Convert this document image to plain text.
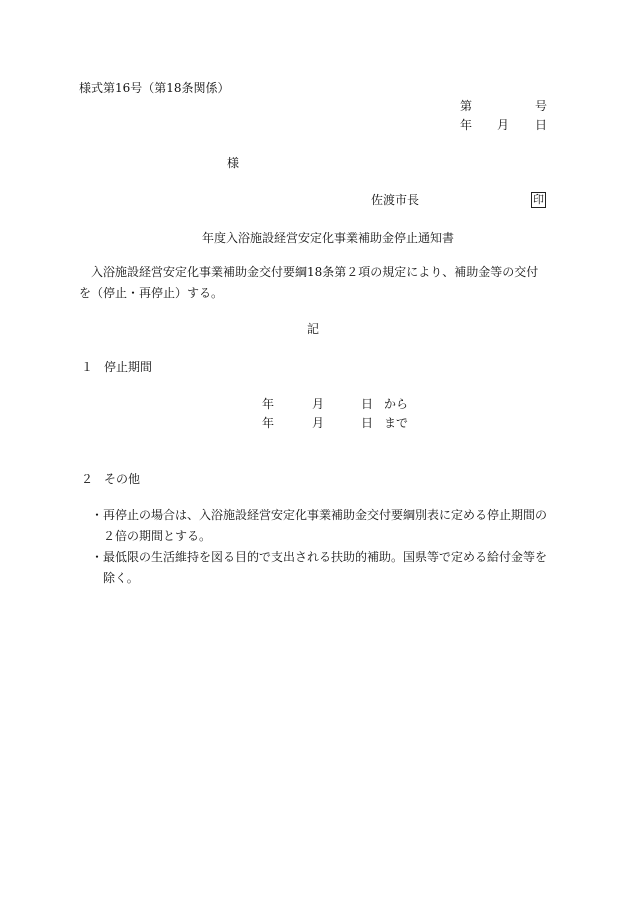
様式第16号（第18条関係）
第	号
年 月 日
様
佐渡市長	印
年度入浴施設経営安定化事業補助金停止通知書
入浴施設経営安定化事業補助金交付要綱18条第２項の規定により、補助金等の交付を（停止・再停止）する。
記
１ 停止期間
年	月	日 から
年	月	日 まで
２ その他
・再停止の場合は、入浴施設経営安定化事業補助金交付要綱別表に定める停止期間の２倍の期間とする。
・最低限の生活維持を図る目的で支出される扶助的補助。国県等で定める給付金等を除く。
